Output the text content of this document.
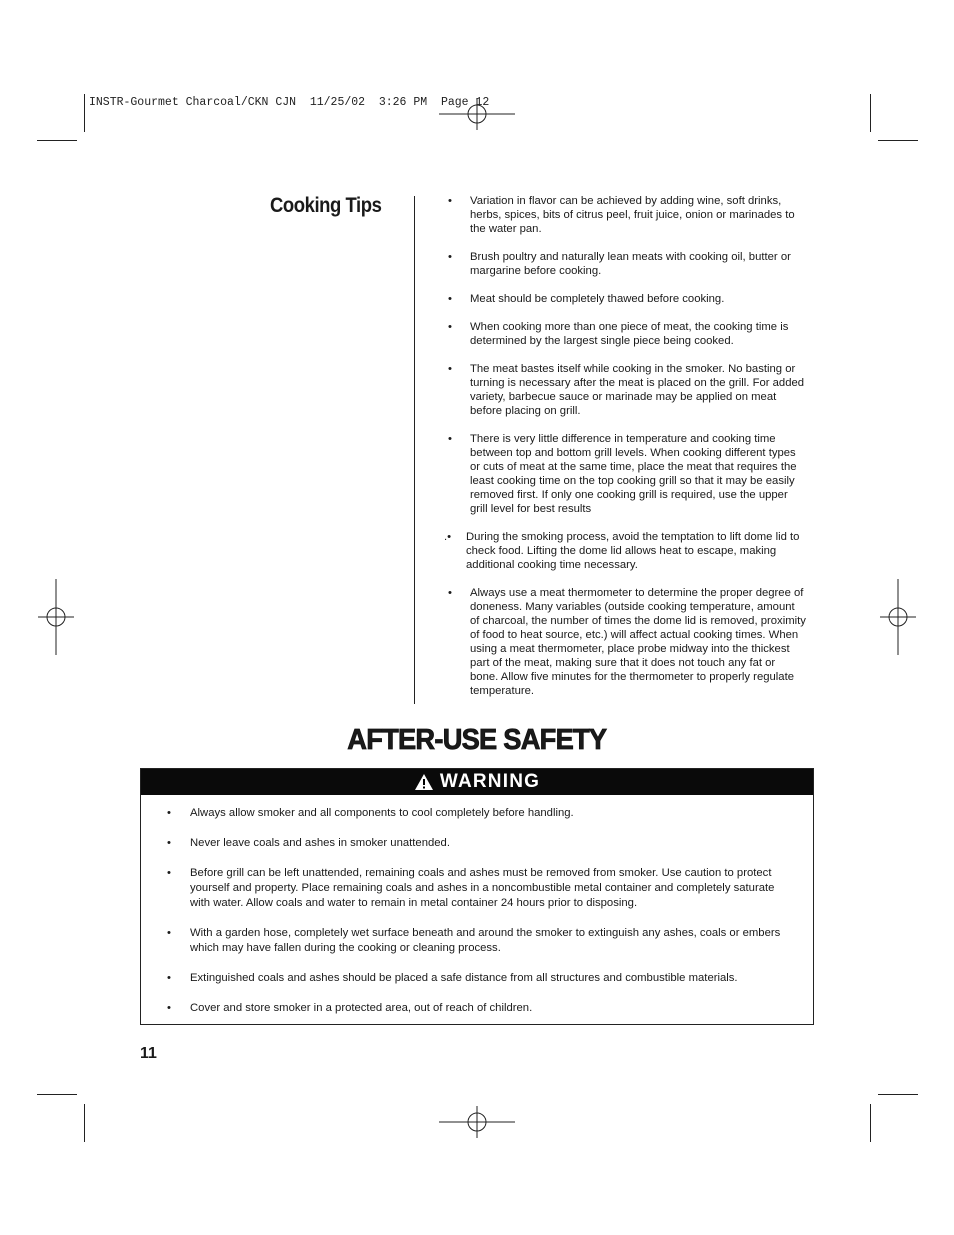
INSTR-Gourmet Charcoal/CKN CJN  11/25/02  3:26 PM  Page 12
Cooking Tips	•	Variation in flavor can be achieved by adding wine, soft drinks, herbs, spices, bits of citrus peel, fruit juice, onion or marinades to the water pan.
•	Brush poultry and naturally lean meats with cooking oil, butter or margarine before cooking.
•	Meat should be completely thawed before cooking.
•	When cooking more than one piece of meat, the cooking time is determined by the largest single piece being cooked.
•	The meat bastes itself while cooking in the smoker. No basting or turning is necessary after the meat is placed on the grill. For added variety, barbecue sauce or marinade may be applied on meat before placing on grill.
•	There is very little difference in temperature and cooking time between top and bottom grill levels. When cooking different types or cuts of meat at the same time, place the meat that requires the least cooking time on the top cooking grill so that it may be easily removed first. If only one cooking grill is required, use the upper grill level for best results
.•	During the smoking process, avoid the temptation to lift dome lid to check food. Lifting the dome lid allows heat to escape, making additional cooking time necessary.
•	Always use a meat thermometer to determine the proper degree of doneness. Many variables (outside cooking temperature, amount of charcoal, the number of times the dome lid is removed, proximity of food to heat source, etc.) will affect actual cooking times. When using a meat thermometer, place probe midway into the thickest part of the meat, making sure that it does not touch any fat or bone. Allow five minutes for the thermometer to properly regulate temperature.
AFTER-USE SAFETY
WARNING
•	Always allow smoker and all components to cool completely before handling.
•	Never leave coals and ashes in smoker unattended.
•	Before grill can be left unattended, remaining coals and ashes must be removed from smoker. Use caution to protect yourself and property. Place remaining coals and ashes in a noncombustible metal container and completely saturate with water. Allow coals and water to remain in metal container 24 hours prior to disposing.
•	With a garden hose, completely wet surface beneath and around the smoker to extinguish any ashes, coals or embers which may have fallen during the cooking or cleaning process.
•	Extinguished coals and ashes should be placed a safe distance from all structures and combustible materials.
•	Cover and store smoker in a protected area, out of reach of children.
11
